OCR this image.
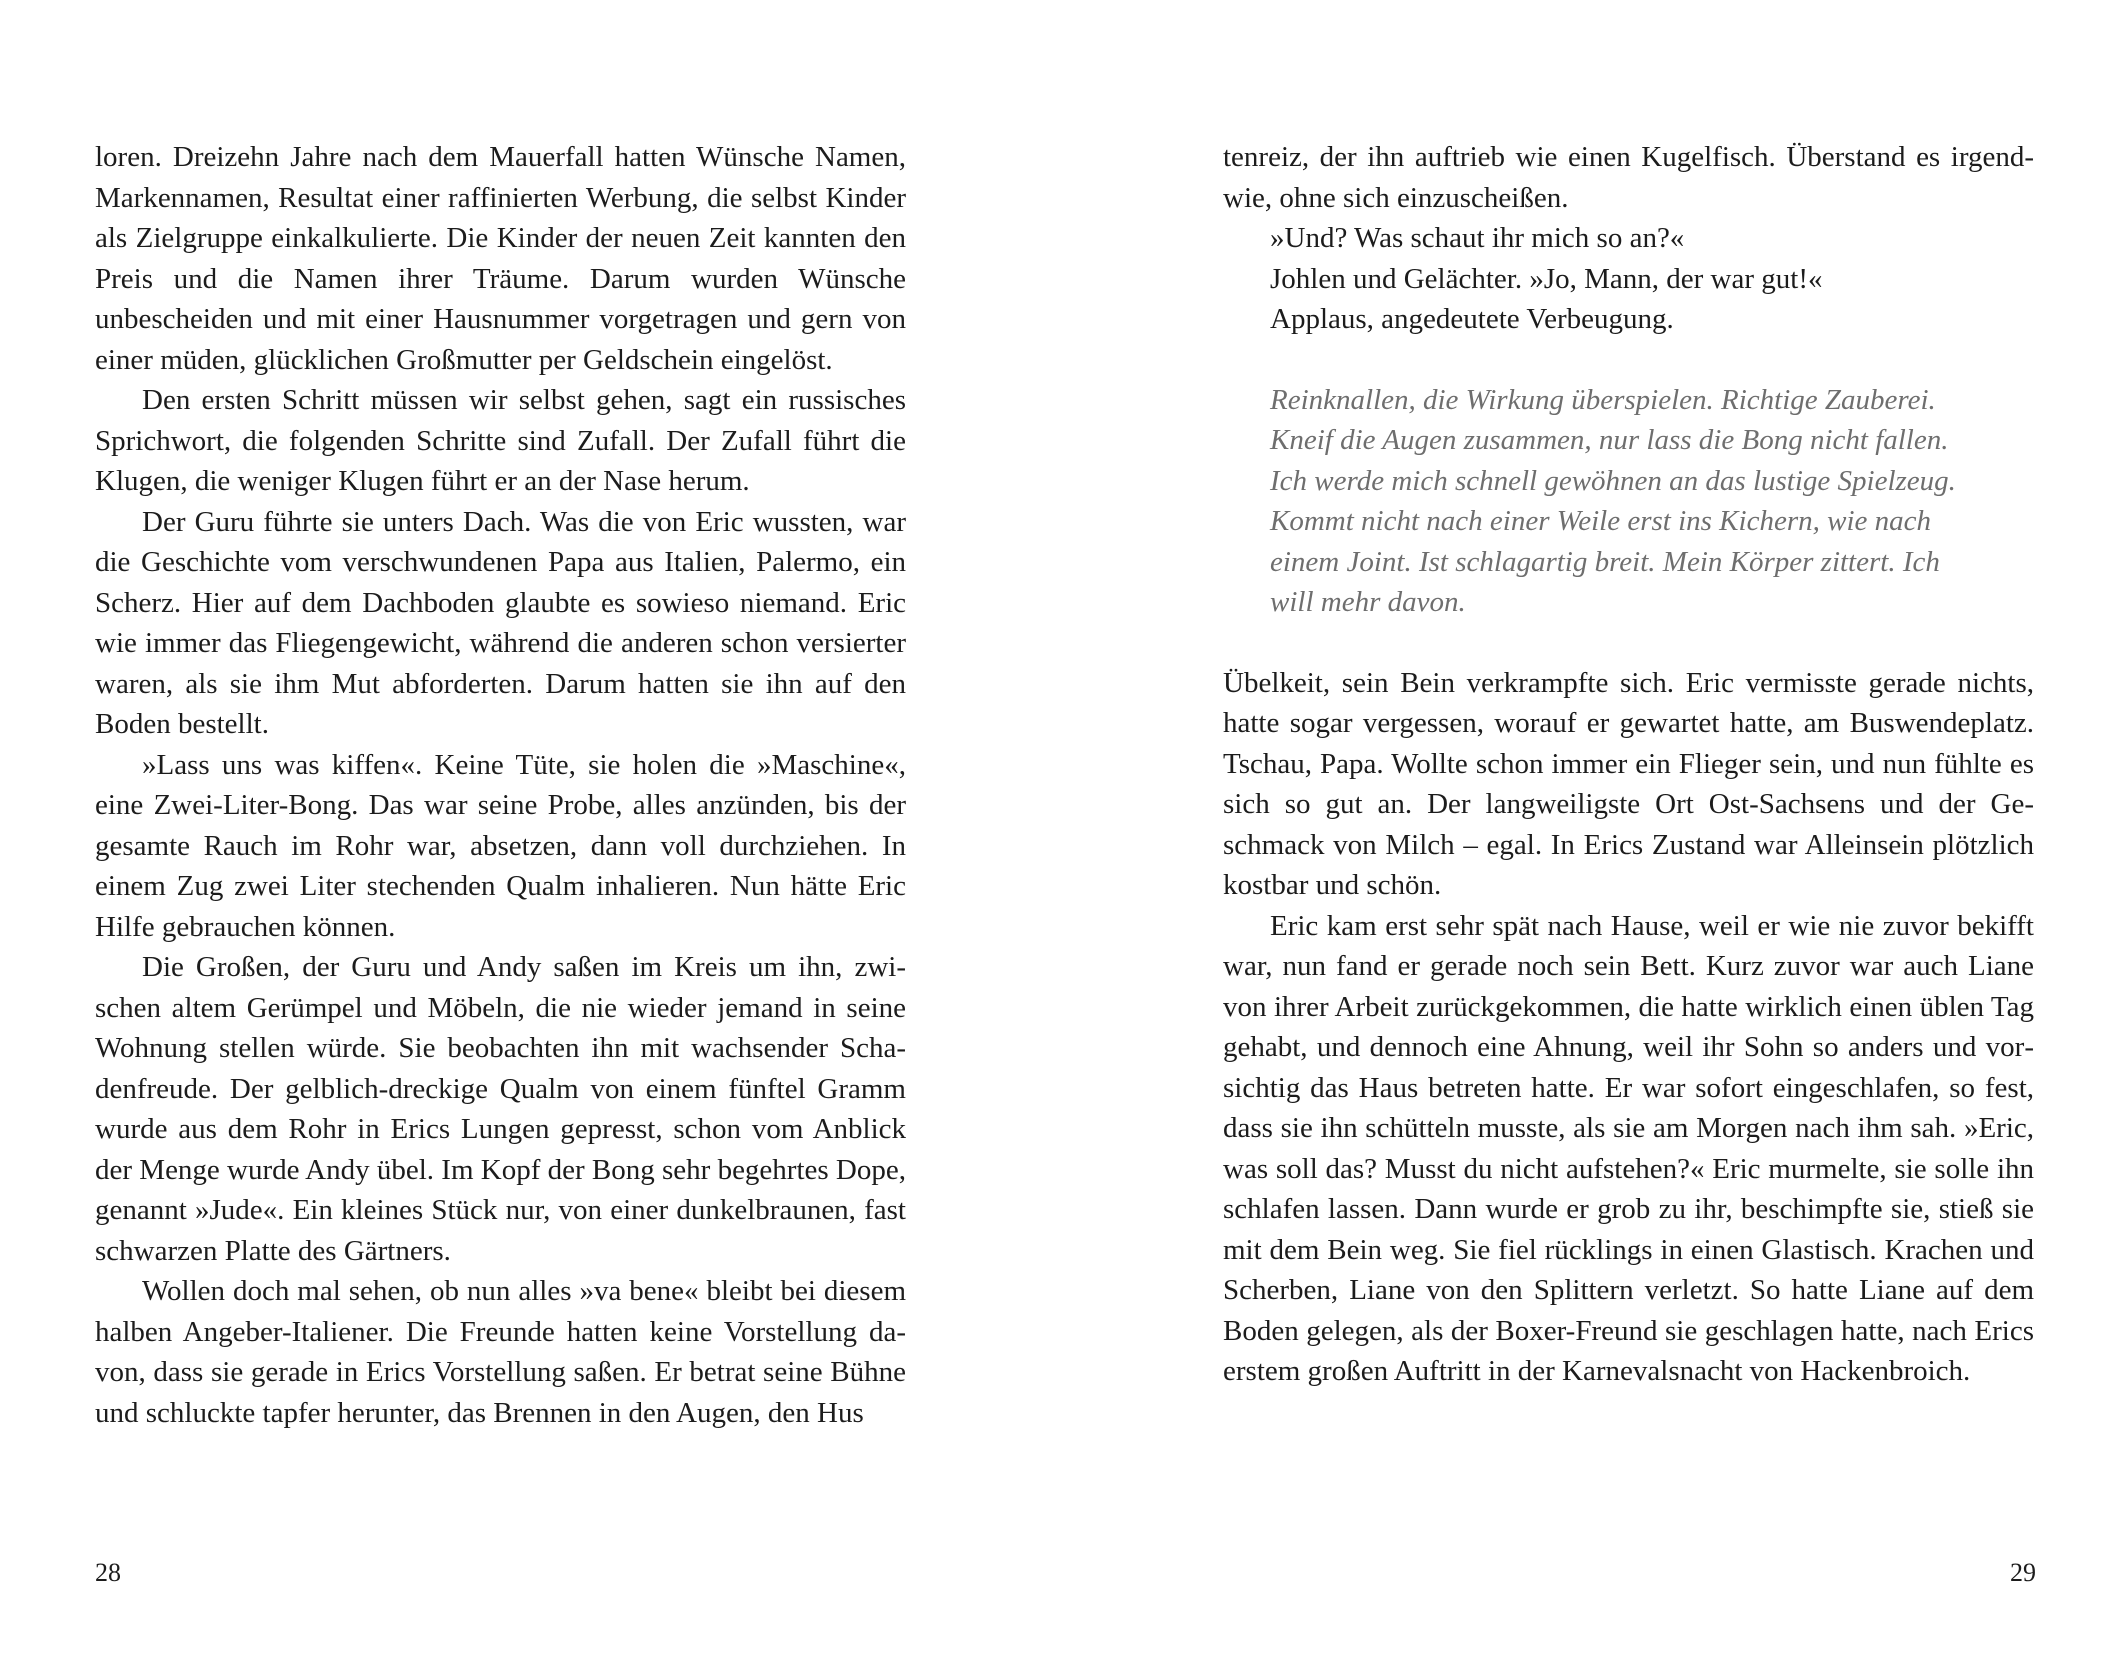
loren. Dreizehn Jahre nach dem Mauerfall hatten Wünsche Namen, Markennamen, Resultat einer raffinierten Werbung, die selbst Kinder als Zielgruppe einkalkulierte. Die Kinder der neuen Zeit kannten den Preis und die Namen ihrer Träume. Darum wurden Wünsche unbescheiden und mit einer Hausnummer vorgetragen und gern von einer müden, glücklichen Großmutter per Geldschein eingelöst.

Den ersten Schritt müssen wir selbst gehen, sagt ein russisches Sprichwort, die folgenden Schritte sind Zufall. Der Zufall führt die Klugen, die weniger Klugen führt er an der Nase herum.

Der Guru führte sie unters Dach. Was die von Eric wussten, war die Geschichte vom verschwundenen Papa aus Italien, Palermo, ein Scherz. Hier auf dem Dachboden glaubte es sowieso niemand. Eric wie immer das Fliegengewicht, während die anderen schon versierter waren, als sie ihm Mut abforderten. Darum hatten sie ihn auf den Boden bestellt.

»Lass uns was kiffen«. Keine Tüte, sie holen die »Maschine«, eine Zwei-Liter-Bong. Das war seine Probe, alles anzünden, bis der gesamte Rauch im Rohr war, absetzen, dann voll durchziehen. In einem Zug zwei Liter stechenden Qualm inhalieren. Nun hätte Eric Hilfe gebrauchen können.

Die Großen, der Guru und Andy saßen im Kreis um ihn, zwischen altem Gerümpel und Möbeln, die nie wieder jemand in seine Wohnung stellen würde. Sie beobachten ihn mit wachsender Schadenfreude. Der gelblich-dreckige Qualm von einem fünftel Gramm wurde aus dem Rohr in Erics Lungen gepresst, schon vom Anblick der Menge wurde Andy übel. Im Kopf der Bong sehr begehrtes Dope, genannt »Jude«. Ein kleines Stück nur, von einer dunkelbraunen, fast schwarzen Platte des Gärtners.

Wollen doch mal sehen, ob nun alles »va bene« bleibt bei diesem halben Angeber-Italiener. Die Freunde hatten keine Vorstellung davon, dass sie gerade in Erics Vorstellung saßen. Er betrat seine Bühne und schluckte tapfer herunter, das Brennen in den Augen, den Hus

28

tenreiz, der ihn auftrieb wie einen Kugelfisch. Überstand es irgendwie, ohne sich einzuscheißen.

»Und? Was schaut ihr mich so an?«

Johlen und Gelächter. »Jo, Mann, der war gut!«

Applaus, angedeutete Verbeugung.

Reinknallen, die Wirkung überspielen. Richtige Zauberei.
Kneif die Augen zusammen, nur lass die Bong nicht fallen.
Ich werde mich schnell gewöhnen an das lustige Spielzeug.
Kommt nicht nach einer Weile erst ins Kichern, wie nach
einem Joint. Ist schlagartig breit. Mein Körper zittert. Ich
will mehr davon.

Übelkeit, sein Bein verkrampfte sich. Eric vermisste gerade nichts, hatte sogar vergessen, worauf er gewartet hatte, am Buswendeplatz. Tschau, Papa. Wollte schon immer ein Flieger sein, und nun fühlte es sich so gut an. Der langweiligste Ort Ost-Sachsens und der Geschmack von Milch – egal. In Erics Zustand war Alleinsein plötzlich kostbar und schön.

Eric kam erst sehr spät nach Hause, weil er wie nie zuvor bekifft war, nun fand er gerade noch sein Bett. Kurz zuvor war auch Liane von ihrer Arbeit zurückgekommen, die hatte wirklich einen üblen Tag gehabt, und dennoch eine Ahnung, weil ihr Sohn so anders und vorsichtig das Haus betreten hatte. Er war sofort eingeschlafen, so fest, dass sie ihn schütteln musste, als sie am Morgen nach ihm sah. »Eric, was soll das? Musst du nicht aufstehen?« Eric murmelte, sie solle ihn schlafen lassen. Dann wurde er grob zu ihr, beschimpfte sie, stieß sie mit dem Bein weg. Sie fiel rücklings in einen Glastisch. Krachen und Scherben, Liane von den Splittern verletzt. So hatte Liane auf dem Boden gelegen, als der Boxer-Freund sie geschlagen hatte, nach Erics erstem großen Auftritt in der Karnevalsnacht von Hackenbroich.

29
